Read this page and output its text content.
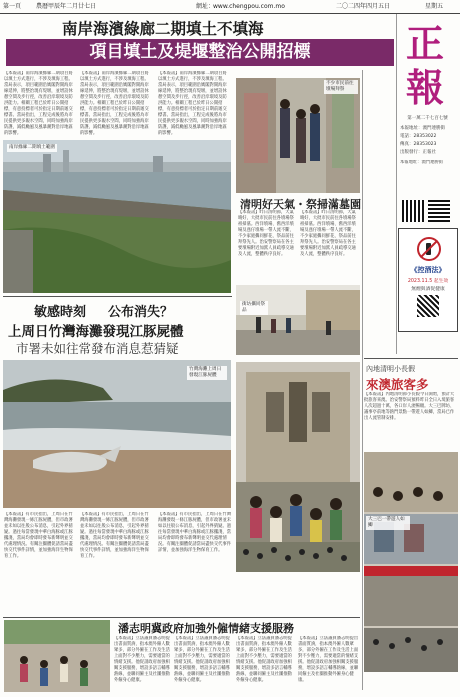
第一頁 農曆甲辰年二月廿七日	網址：
www.chengpou.com.mo	二〇二四年四月五日	星期五
南岸海濱綠廊二期填土不填海
項目填土及堤堰整治公開招標
【本報訊】南岸海濱綠廊二期項目將以填土方式進行，不涉及填海工程。當局表示，項目範圍沿媽閣對開海岸線延伸，將整治現有堤堰，並增設休憩空間及步行徑，改善沿岸環境及防洪能力。相關工程已於昨日公開招標，有意投標者可於指定日期前遞交標書。當局指出，工程完成後將為市民提供更多親水空間，同時加強海岸防護，減低颱風及風暴潮對沿岸地區的影響。
【本報訊】南岸海濱綠廊二期項目將以填土方式進行，不涉及填海工程。當局表示，項目範圍沿媽閣對開海岸線延伸，將整治現有堤堰，並增設休憩空間及步行徑，改善沿岸環境及防洪能力。相關工程已於昨日公開招標，有意投標者可於指定日期前遞交標書。當局指出，工程完成後將為市民提供更多親水空間，同時加強海岸防護，減低颱風及風暴潮對沿岸地區的影響。
【本報訊】南岸海濱綠廊二期項目將以填土方式進行，不涉及填海工程。當局表示，項目範圍沿媽閣對開海岸線延伸，將整治現有堤堰，並增設休憩空間及步行徑，改善沿岸環境及防洪能力。相關工程已於昨日公開招標，有意投標者可於指定日期前遞交標書。當局指出，工程完成後將為市民提供更多親水空間，同時加強海岸防護，減低颱風及風暴潮對沿岸地區的影響。
南岸綠廊二期填土範圍
不少市民前往墳場拜祭
清明好天氣・祭掃滿墓園
【本報訊】昨日清明節，天氣晴好，大批市民前往各墳場祭祖掃墓。西洋墳場、舊西洋墳場及氹仔墳場一帶人流不斷，不少家庭攜同鮮花、祭品前往拜祭先人。治安警察局在各主要墳場附近加派人員疏導交通及人流，整體秩序良好。
【本報訊】昨日清明節，天氣晴好，大批市民前往各墳場祭祖掃墓。西洋墳場、舊西洋墳場及氹仔墳場一帶人流不斷，不少家庭攜同鮮花、祭品前往拜祭先人。治安警察局在各主要墳場附近加派人員疏導交通及人流，整體秩序良好。
街坊攜同祭品
敏感時刻 公布消失？
上周日竹灣海灘發現江豚屍體
市署未如往常發布消息惹猜疑
竹灣海灘上周日發現江豚屍體
【本報訊】有市民指出，上周日在竹灣海灘發現一條江豚屍體，但市政署並未如以往般公布消息，引起外界猜疑。過往每當發現中華白海豚或江豚擱淺，當局均會即時發布新聲明並交代處理情況。有關注團體促請當局盡快交代事件詳情，並加強海洋生物保育工作。
【本報訊】有市民指出，上周日在竹灣海灘發現一條江豚屍體，但市政署並未如以往般公布消息，引起外界猜疑。過往每當發現中華白海豚或江豚擱淺，當局均會即時發布新聲明並交代處理情況。有關注團體促請當局盡快交代事件詳情，並加強海洋生物保育工作。
【本報訊】有市民指出，上周日在竹灣海灘發現一條江豚屍體，但市政署並未如以往般公布消息，引起外界猜疑。過往每當發現中華白海豚或江豚擱淺，當局均會即時發布新聲明並交代處理情況。有關注團體促請當局盡快交代事件詳情，並加強海洋生物保育工作。
正
報
第一萬二千七百七號
本報地址：澳門連勝街
電話：28353022
傳真：28353023
出版發行：正報社
本報地址：澳門連勝街
《控酒法》
2023.11.5 起生效
無煙與酒促健康
內地清明小長假
來澳旅客多
【本報訊】內地清明節小長假今日開始，預計大批旅客來澳。治安警察局預料昨日全日入境旅客人次超過十萬，各口岸人流暢順。大三巴牌坊、議事亭前地等熱門景點一帶遊人如鯽，當局已作出人流管制安排。
大三巴一帶遊人如鯽
潘志明冀政府加強外僱情緒支援服務
【本報訊】立法議員潘志明提出書面質詢，指本澳外僱人數眾多，部分外僱在工作及生活上面對不少壓力，需要適當的情緒支援。他促請政府加強相關支援服務，增設多語言輔導熱線，並聯同僱主及社團推動外僱身心健康。
【本報訊】立法議員潘志明提出書面質詢，指本澳外僱人數眾多，部分外僱在工作及生活上面對不少壓力，需要適當的情緒支援。他促請政府加強相關支援服務，增設多語言輔導熱線，並聯同僱主及社團推動外僱身心健康。
【本報訊】立法議員潘志明提出書面質詢，指本澳外僱人數眾多，部分外僱在工作及生活上面對不少壓力，需要適當的情緒支援。他促請政府加強相關支援服務，增設多語言輔導熱線，並聯同僱主及社團推動外僱身心健康。
【本報訊】立法議員潘志明提出書面質詢，指本澳外僱人數眾多，部分外僱在工作及生活上面對不少壓力，需要適當的情緒支援。他促請政府加強相關支援服務，增設多語言輔導熱線，並聯同僱主及社團推動外僱身心健康。
